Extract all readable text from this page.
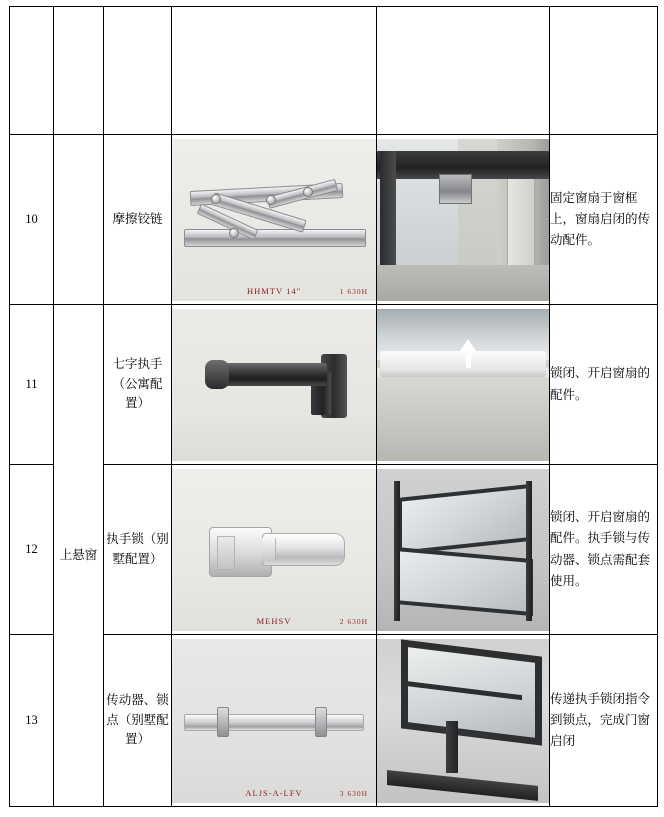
10		摩擦铰链	HHMTV 14" 1 630H		固定窗扇于窗框上，窗扇启闭的传动配件。
11	上悬窗	七字执手（公寓配置）			锁闭、开启窗扇的配件。
12		执手锁（别墅配置）	MEHSV 2 630H		锁闭、开启窗扇的配件。执手锁与传动器、锁点需配套使用。
13		传动器、锁点（别墅配置）	ALJS-A-LFV 3 630H		传递执手锁闭指令到锁点，完成门窗启闭
